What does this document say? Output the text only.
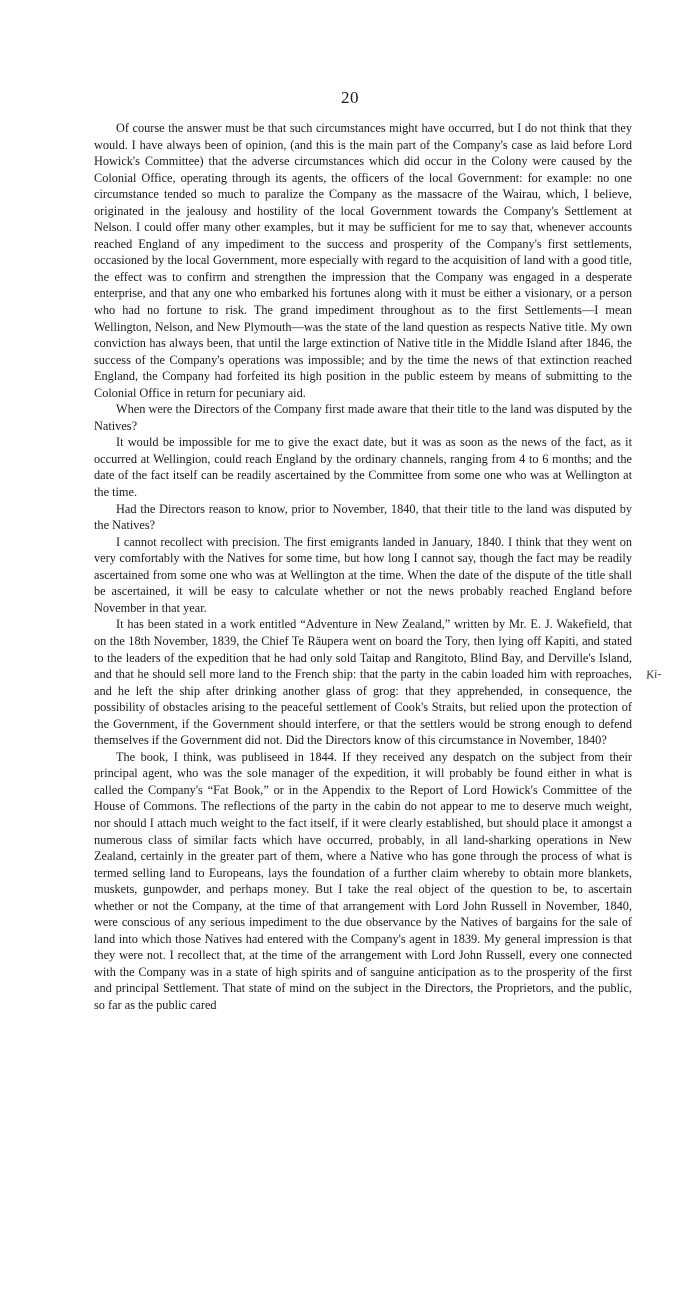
20

Of course the answer must be that such circumstances might have occurred, but I do not think that they would. I have always been of opinion, (and this is the main part of the Company's case as laid before Lord Howick's Committee) that the adverse circumstances which did occur in the Colony were caused by the Colonial Office, operating through its agents, the officers of the local Government: for example: no one circumstance tended so much to paralize the Company as the massacre of the Wairau, which, I believe, originated in the jealousy and hostility of the local Government towards the Company's Settlement at Nelson. I could offer many other examples, but it may be sufficient for me to say that, whenever accounts reached England of any impediment to the success and prosperity of the Company's first settlements, occasioned by the local Government, more especially with regard to the acquisition of land with a good title, the effect was to confirm and strengthen the impression that the Company was engaged in a desperate enterprise, and that any one who embarked his fortunes along with it must be either a visionary, or a person who had no fortune to risk. The grand impediment throughout as to the first Settlements—I mean Wellington, Nelson, and New Plymouth—was the state of the land question as respects Native title. My own conviction has always been, that until the large extinction of Native title in the Middle Island after 1846, the success of the Company's operations was impossible; and by the time the news of that extinction reached England, the Company had forfeited its high position in the public esteem by means of submitting to the Colonial Office in return for pecuniary aid.

When were the Directors of the Company first made aware that their title to the land was disputed by the Natives?

It would be impossible for me to give the exact date, but it was as soon as the news of the fact, as it occurred at Wellingion, could reach England by the ordinary channels, ranging from 4 to 6 months; and the date of the fact itself can be readily ascertained by the Committee from some one who was at Wellington at the time.

Had the Directors reason to know, prior to November, 1840, that their title to the land was disputed by the Natives?

I cannot recollect with precision. The first emigrants landed in January, 1840. I think that they went on very comfortably with the Natives for some time, but how long I cannot say, though the fact may be readily ascertained from some one who was at Wellington at the time. When the date of the dispute of the title shall be ascertained, it will be easy to calculate whether or not the news probably reached England before November in that year.

It has been stated in a work entitled “Adventure in New Zealand,” written by Mr. E. J. Wakefield, that on the 18th November, 1839, the Chief Te Räupera went on board the Tory, then lying off Kapiti, and stated to the leaders of the expedition that he had only sold Taitap and Rangitoto, Blind Bay, and Derville's Island, and that he should sell more land to the French ship: that the party in the cabin loaded him with reproaches, and he left the ship after drinking another glass of grog: that they apprehended, in consequence, the possibility of obstacles arising to the peaceful settlement of Cook's Straits, but relied upon the protection of the Government, if the Government should interfere, or that the settlers would be strong enough to defend themselves if the Government did not. Did the Directors know of this circumstance in November, 1840?

The book, I think, was publiseed in 1844. If they received any despatch on the subject from their principal agent, who was the sole manager of the expedition, it will probably be found either in what is called the Company's “Fat Book,” or in the Appendix to the Report of Lord Howick's Committee of the House of Commons. The reflections of the party in the cabin do not appear to me to deserve much weight, nor should I attach much weight to the fact itself, if it were clearly established, but should place it amongst a numerous class of similar facts which have occurred, probably, in all land-sharking operations in New Zealand, certainly in the greater part of them, where a Native who has gone through the process of what is termed selling land to Europeans, lays the foundation of a further claim whereby to obtain more blankets, muskets, gunpowder, and perhaps money. But I take the real object of the question to be, to ascertain whether or not the Company, at the time of that arrangement with Lord John Russell in November, 1840, were conscious of any serious impediment to the due observance by the Natives of bargains for the sale of land into which those Natives had entered with the Company's agent in 1839. My general impression is that they were not. I recollect that, at the time of the arrangement with Lord John Russell, every one connected with the Company was in a state of high spirits and of sanguine anticipation as to the prosperity of the first and principal Settlement. That state of mind on the subject in the Directors, the Proprietors, and the public, so far as the public cared

Ki-
